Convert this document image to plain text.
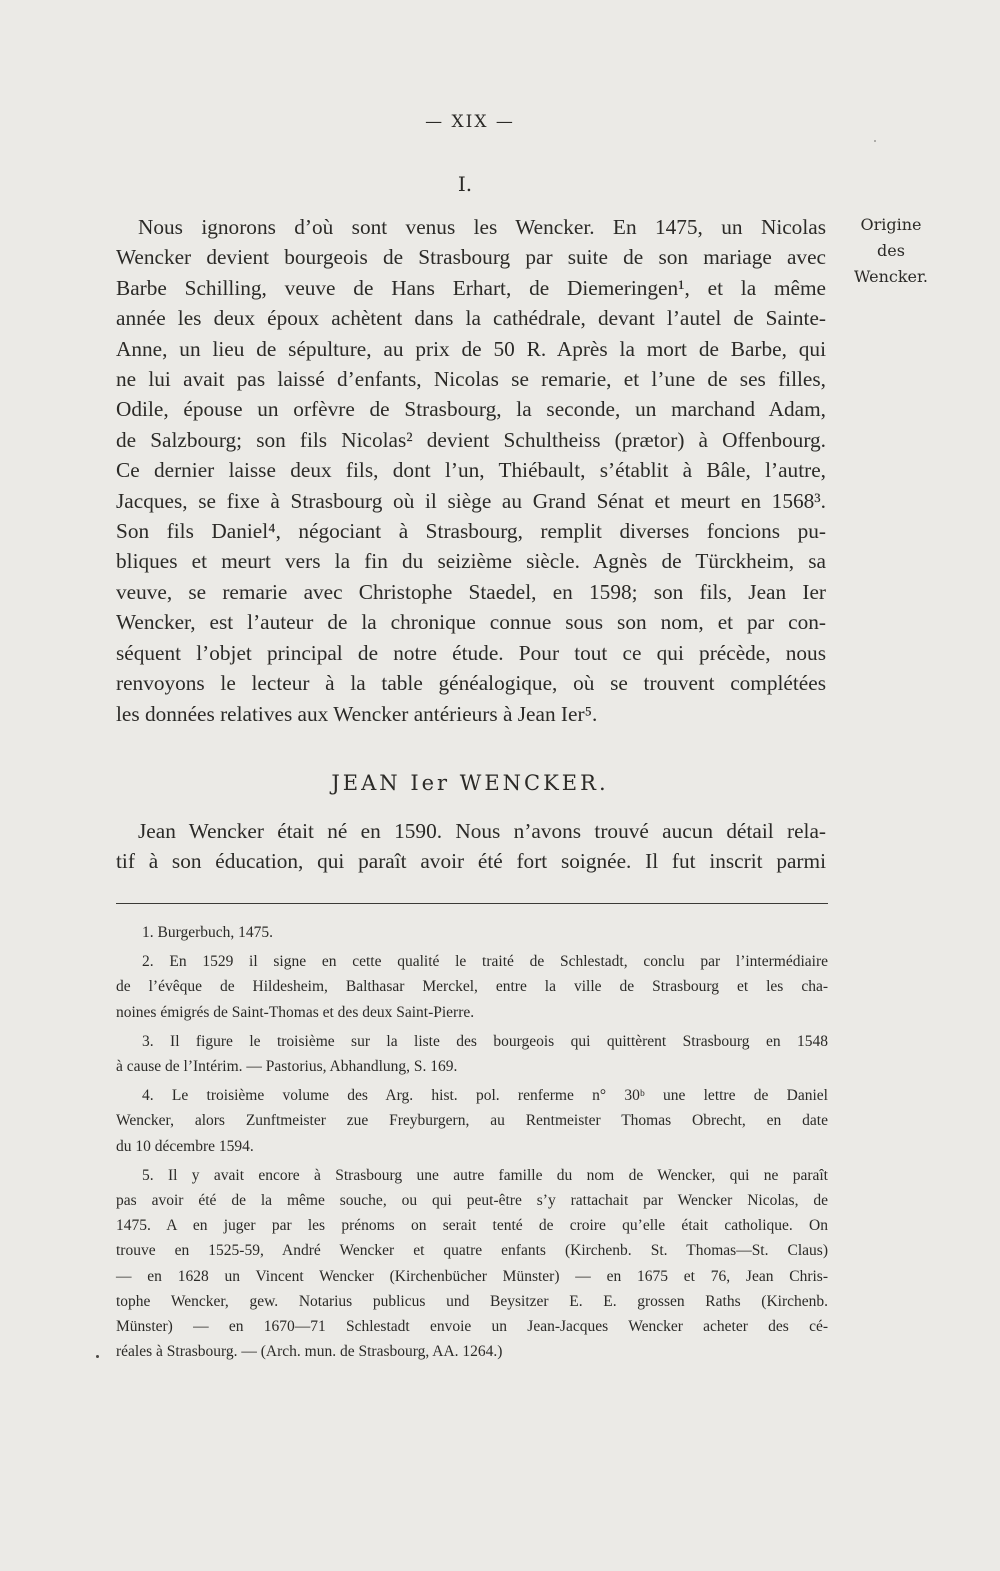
— XIX —
I.
Origine
des
Wencker.
Nous ignorons d’où sont venus les Wencker. En 1475, un Nicolas
Wencker devient bourgeois de Strasbourg par suite de son mariage avec
Barbe Schilling, veuve de Hans Erhart, de Diemeringen¹, et la même
année les deux époux achètent dans la cathédrale, devant l’autel de Sainte-
Anne, un lieu de sépulture, au prix de 50 R. Après la mort de Barbe, qui
ne lui avait pas laissé d’enfants, Nicolas se remarie, et l’une de ses filles,
Odile, épouse un orfèvre de Strasbourg, la seconde, un marchand Adam,
de Salzbourg; son fils Nicolas² devient Schultheiss (prætor) à Offenbourg.
Ce dernier laisse deux fils, dont l’un, Thiébault, s’établit à Bâle, l’autre,
Jacques, se fixe à Strasbourg où il siège au Grand Sénat et meurt en 1568³.
Son fils Daniel⁴, négociant à Strasbourg, remplit diverses foncions pu-
bliques et meurt vers la fin du seizième siècle. Agnès de Türckheim, sa
veuve, se remarie avec Christophe Staedel, en 1598; son fils, Jean Ier
Wencker, est l’auteur de la chronique connue sous son nom, et par con-
séquent l’objet principal de notre étude. Pour tout ce qui précède, nous
renvoyons le lecteur à la table généalogique, où se trouvent complétées
les données relatives aux Wencker antérieurs à Jean Ier⁵.
JEAN Ier WENCKER.
Jean Wencker était né en 1590. Nous n’avons trouvé aucun détail rela-
tif à son éducation, qui paraît avoir été fort soignée. Il fut inscrit parmi
1. Burgerbuch, 1475.
2. En 1529 il signe en cette qualité le traité de Schlestadt, conclu par l’intermédiaire
de l’évêque de Hildesheim, Balthasar Merckel, entre la ville de Strasbourg et les cha-
noines émigrés de Saint-Thomas et des deux Saint-Pierre.
3. Il figure le troisième sur la liste des bourgeois qui quittèrent Strasbourg en 1548
à cause de l’Intérim. — Pastorius, Abhandlung, S. 169.
4. Le troisième volume des Arg. hist. pol. renferme n° 30ᵇ une lettre de Daniel
Wencker, alors Zunftmeister zue Freyburgern, au Rentmeister Thomas Obrecht, en date
du 10 décembre 1594.
5. Il y avait encore à Strasbourg une autre famille du nom de Wencker, qui ne paraît
pas avoir été de la même souche, ou qui peut-être s’y rattachait par Wencker Nicolas, de
1475. A en juger par les prénoms on serait tenté de croire qu’elle était catholique. On
trouve en 1525-59, André Wencker et quatre enfants (Kirchenb. St. Thomas—St. Claus)
— en 1628 un Vincent Wencker (Kirchenbücher Münster) — en 1675 et 76, Jean Chris-
tophe Wencker, gew. Notarius publicus und Beysitzer E. E. grossen Raths (Kirchenb.
Münster) — en 1670—71 Schlestadt envoie un Jean-Jacques Wencker acheter des cé-
réales à Strasbourg. — (Arch. mun. de Strasbourg, AA. 1264.)
